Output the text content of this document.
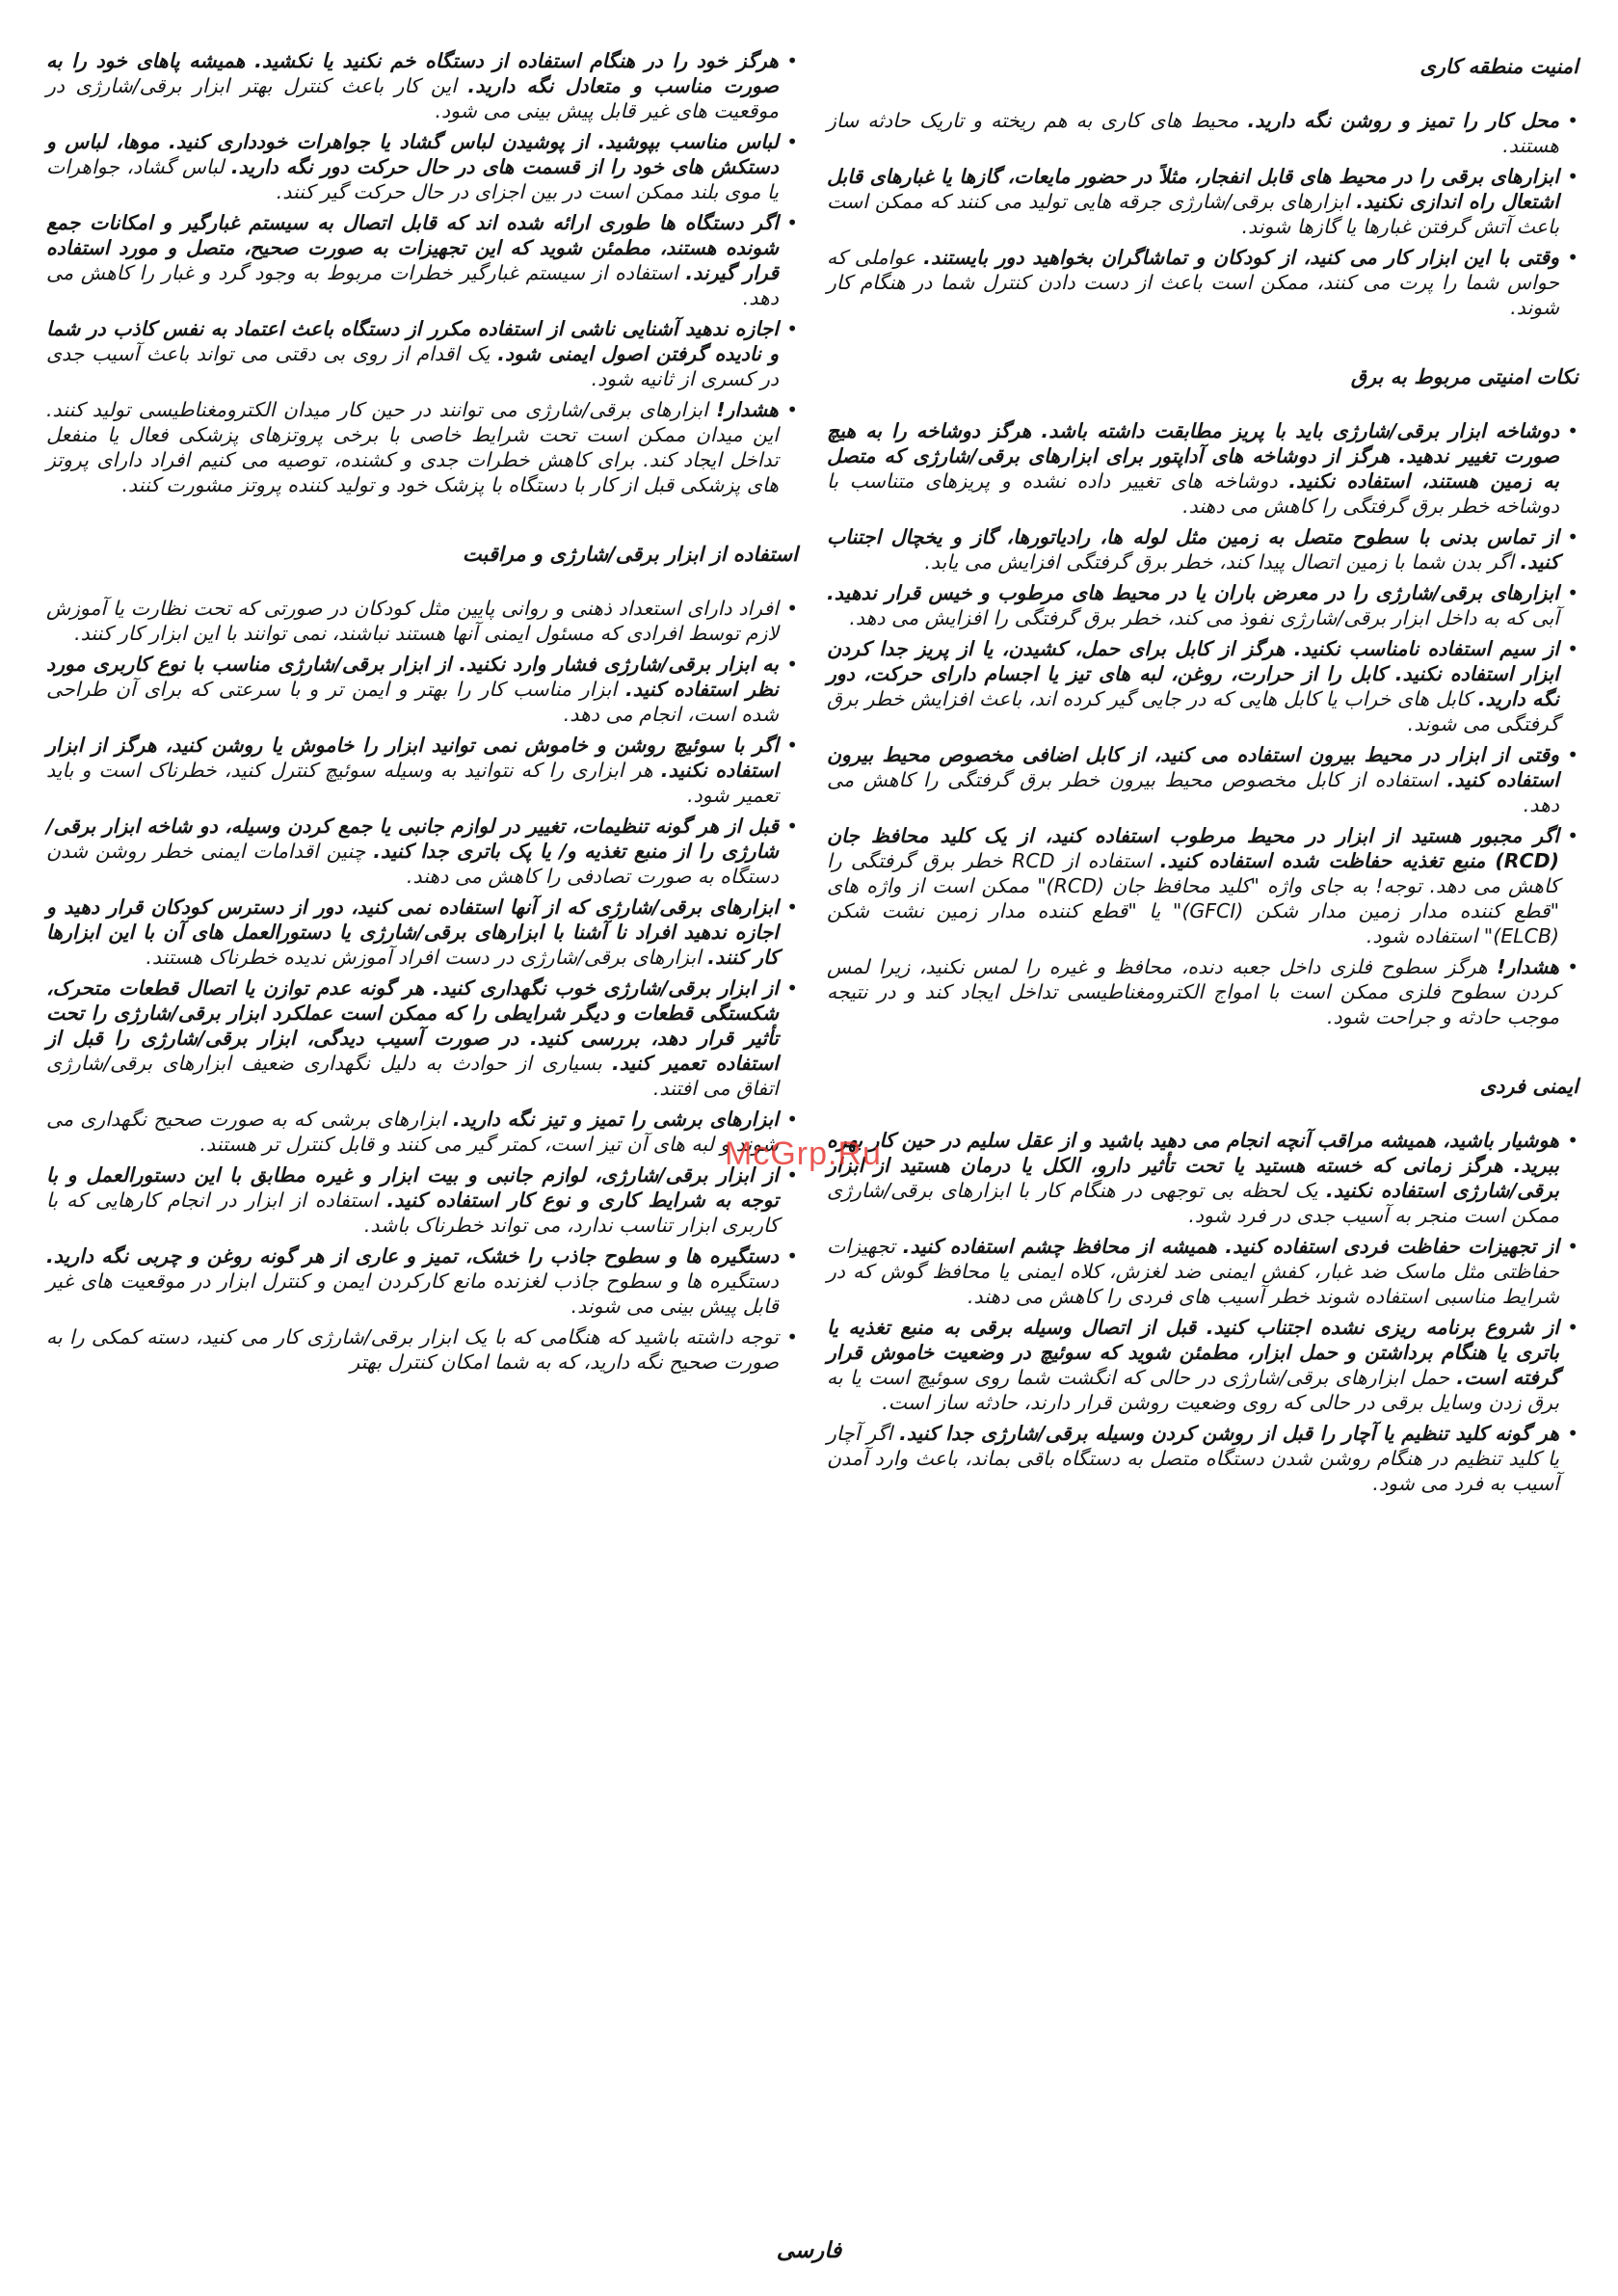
امنیت منطقه کاری
• محل کار را تمیز و روشن نگه دارید. محیط های کاری به هم ریخته و تاریک حادثه ساز هستند.
• ابزارهای برقی را در محیط های قابل انفجار، مثلاً در حضور مایعات، گازها یا غبارهای قابل اشتعال راه اندازی نکنید. ابزارهای برقی/شارژی جرقه هایی تولید می کنند که ممکن است باعث آتش گرفتن غبارها یا گازها شوند.
• وقتی با این ابزار کار می کنید، از کودکان و تماشاگران بخواهید دور بایستند. عواملی که حواس شما را پرت می کنند، ممکن است باعث از دست دادن کنترل شما در هنگام کار شوند.
نکات امنیتی مربوط به برق
• دوشاخه ابزار برقی/شارژی باید با پریز مطابقت داشته باشد. هرگز دوشاخه را به هیچ صورت تغییر ندهید. هرگز از دوشاخه های آداپتور برای ابزارهای برقی/شارژی که متصل به زمین هستند، استفاده نکنید. دوشاخه های تغییر داده نشده و پریزهای متناسب با دوشاخه خطر برق گرفتگی را کاهش می دهند.
• از تماس بدنی با سطوح متصل به زمین مثل لوله ها، رادیاتورها، گاز و یخچال اجتناب کنید. اگر بدن شما با زمین اتصال پیدا کند، خطر برق گرفتگی افزایش می یابد.
• ابزارهای برقی/شارژی را در معرض باران یا در محیط های مرطوب و خیس قرار ندهید. آبی که به داخل ابزار برقی/شارژی نفوذ می کند، خطر برق گرفتگی را افزایش می دهد.
• از سیم استفاده نامناسب نکنید. هرگز از کابل برای حمل، کشیدن، یا از پریز جدا کردن ابزار استفاده نکنید. کابل را از حرارت، روغن، لبه های تیز یا اجسام دارای حرکت، دور نگه دارید. کابل های خراب یا کابل هایی که در جایی گیر کرده اند، باعث افزایش خطر برق گرفتگی می شوند.
• وقتی از ابزار در محیط بیرون استفاده می کنید، از کابل اضافی مخصوص محیط بیرون استفاده کنید. استفاده از کابل مخصوص محیط بیرون خطر برق گرفتگی را کاهش می دهد.
• اگر مجبور هستید از ابزار در محیط مرطوب استفاده کنید، از یک کلید محافظ جان (RCD) منبع تغذیه حفاظت شده استفاده کنید. استفاده از RCD خطر برق گرفتگی را کاهش می دهد. توجه! به جای واژه "کلید محافظ جان (RCD)" ممکن است از واژه های "قطع کننده مدار زمین مدار شکن (GFCI)" یا "قطع کننده مدار زمین نشت شکن (ELCB)" استفاده شود.
• هشدار! هرگز سطوح فلزی داخل جعبه دنده، محافظ و غیره را لمس نکنید، زیرا لمس کردن سطوح فلزی ممکن است با امواج الکترومغناطیسی تداخل ایجاد کند و در نتیجه موجب حادثه و جراحت شود.
ایمنی فردی
• هوشیار باشید، همیشه مراقب آنچه انجام می دهید باشید و از عقل سلیم در حین کار بهره ببرید. هرگز زمانی که خسته هستید یا تحت تأثیر دارو، الکل یا درمان هستید از ابزار برقی/شارژی استفاده نکنید. یک لحظه بی توجهی در هنگام کار با ابزارهای برقی/شارژی ممکن است منجر به آسیب جدی در فرد شود.
• از تجهیزات حفاظت فردی استفاده کنید. همیشه از محافظ چشم استفاده کنید. تجهیزات حفاظتی مثل ماسک ضد غبار، کفش ایمنی ضد لغزش، کلاه ایمنی یا محافظ گوش که در شرایط مناسبی استفاده شوند خطر آسیب های فردی را کاهش می دهند.
• از شروع برنامه ریزی نشده اجتناب کنید. قبل از اتصال وسیله برقی به منبع تغذیه یا باتری یا هنگام برداشتن و حمل ابزار، مطمئن شوید که سوئیچ در وضعیت خاموش قرار گرفته است. حمل ابزارهای برقی/شارژی در حالی که انگشت شما روی سوئیچ است یا به برق زدن وسایل برقی در حالی که روی وضعیت روشن قرار دارند، حادثه ساز است.
• هر گونه کلید تنظیم یا آچار را قبل از روشن کردن وسیله برقی/شارژی جدا کنید. اگر آچار یا کلید تنظیم در هنگام روشن شدن دستگاه متصل به دستگاه باقی بماند، باعث وارد آمدن آسیب به فرد می شود.
• هرگز خود را در هنگام استفاده از دستگاه خم نکنید یا نکشید. همیشه پاهای خود را به صورت مناسب و متعادل نگه دارید. این کار باعث کنترل بهتر ابزار برقی/شارژی در موقعیت های غیر قابل پیش بینی می شود.
• لباس مناسب بپوشید. از پوشیدن لباس گشاد یا جواهرات خودداری کنید. موها، لباس و دستکش های خود را از قسمت های در حال حرکت دور نگه دارید. لباس گشاد، جواهرات یا موی بلند ممکن است در بین اجزای در حال حرکت گیر کنند.
• اگر دستگاه ها طوری ارائه شده اند که قابل اتصال به سیستم غبارگیر و امکانات جمع شونده هستند، مطمئن شوید که این تجهیزات به صورت صحیح، متصل و مورد استفاده قرار گیرند. استفاده از سیستم غبارگیر خطرات مربوط به وجود گرد و غبار را کاهش می دهد.
• اجازه ندهید آشنایی ناشی از استفاده مکرر از دستگاه باعث اعتماد به نفس کاذب در شما و نادیده گرفتن اصول ایمنی شود. یک اقدام از روی بی دقتی می تواند باعث آسیب جدی در کسری از ثانیه شود.
• هشدار! ابزارهای برقی/شارژی می توانند در حین کار میدان الکترومغناطیسی تولید کنند. این میدان ممکن است تحت شرایط خاصی با برخی پروتزهای پزشکی فعال یا منفعل تداخل ایجاد کند. برای کاهش خطرات جدی و کشنده، توصیه می کنیم افراد دارای پروتز های پزشکی قبل از کار با دستگاه با پزشک خود و تولید کننده پروتز مشورت کنند.
استفاده از ابزار برقی/شارژی و مراقبت
• افراد دارای استعداد ذهنی و روانی پایین مثل کودکان در صورتی که تحت نظارت یا آموزش لازم توسط افرادی که مسئول ایمنی آنها هستند نباشند، نمی توانند با این ابزار کار کنند.
• به ابزار برقی/شارژی فشار وارد نکنید. از ابزار برقی/شارژی مناسب با نوع کاربری مورد نظر استفاده کنید. ابزار مناسب کار را بهتر و ایمن تر و با سرعتی که برای آن طراحی شده است، انجام می دهد.
• اگر با سوئیچ روشن و خاموش نمی توانید ابزار را خاموش یا روشن کنید، هرگز از ابزار استفاده نکنید. هر ابزاری را که نتوانید به وسیله سوئیچ کنترل کنید، خطرناک است و باید تعمیر شود.
• قبل از هر گونه تنظیمات، تغییر در لوازم جانبی یا جمع کردن وسیله، دو شاخه ابزار برقی/شارژی را از منبع تغذیه و/ یا پک باتری جدا کنید. چنین اقدامات ایمنی خطر روشن شدن دستگاه به صورت تصادفی را کاهش می دهند.
• ابزارهای برقی/شارژی که از آنها استفاده نمی کنید، دور از دسترس کودکان قرار دهید و اجازه ندهید افراد نا آشنا با ابزارهای برقی/شارژی یا دستورالعمل های آن با این ابزارها کار کنند. ابزارهای برقی/شارژی در دست افراد آموزش ندیده خطرناک هستند.
• از ابزار برقی/شارژی خوب نگهداری کنید. هر گونه عدم توازن یا اتصال قطعات متحرک، شکستگی قطعات و دیگر شرایطی را که ممکن است عملکرد ابزار برقی/شارژی را تحت تأثیر قرار دهد، بررسی کنید. در صورت آسیب دیدگی، ابزار برقی/شارژی را قبل از استفاده تعمیر کنید. بسیاری از حوادث به دلیل نگهداری ضعیف ابزارهای برقی/شارژی اتفاق می افتند.
• ابزارهای برشی را تمیز و تیز نگه دارید. ابزارهای برشی که به صورت صحیح نگهداری می شوند و لبه های آن تیز است، کمتر گیر می کنند و قابل کنترل تر هستند.
• از ابزار برقی/شارژی، لوازم جانبی و بیت ابزار و غیره مطابق با این دستورالعمل و با توجه به شرایط کاری و نوع کار استفاده کنید. استفاده از ابزار در انجام کارهایی که با کاربری ابزار تناسب ندارد، می تواند خطرناک باشد.
• دستگیره ها و سطوح جاذب را خشک، تمیز و عاری از هر گونه روغن و چربی نگه دارید. دستگیره ها و سطوح جاذب لغزنده مانع کارکردن ایمن و کنترل ابزار در موقعیت های غیر قابل پیش بینی می شوند.
• توجه داشته باشید که هنگامی که با یک ابزار برقی/شارژی کار می کنید، دسته کمکی را به صورت صحیح نگه دارید، که به شما امکان کنترل بهتر
McGrp.Ru
فارسی
